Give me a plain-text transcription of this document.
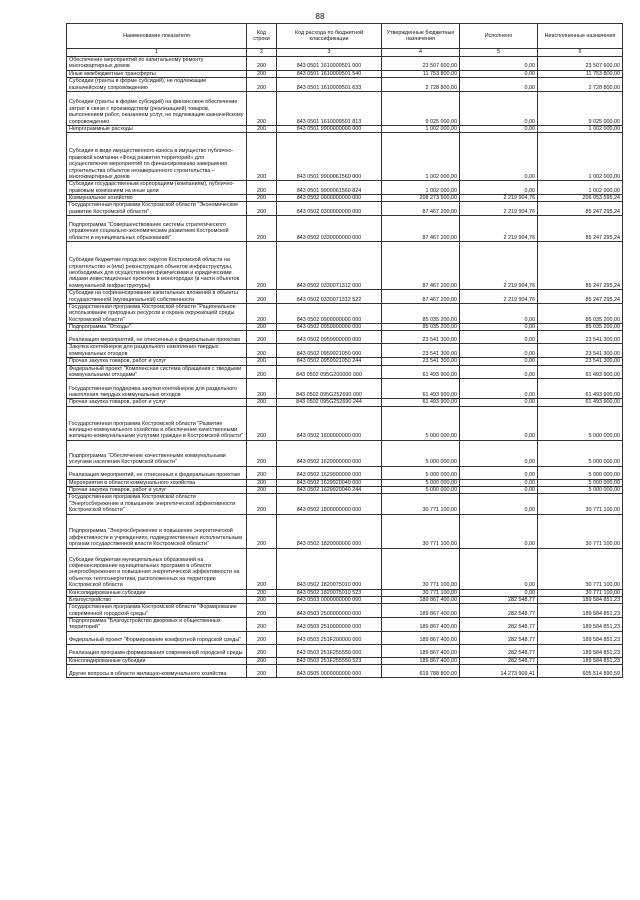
88
Наименование показателя	Код строки	Код расхода по бюджетной классификации	Утвержденные бюджетные назначения	Исполнено	Неисполненные назначения
1	2	3	4	5	6
Обеспечение мероприятий по капитальному ремонту многоквартирных домов	200	843 0501 1610009501 000	23 507 600,00	0,00	23 507 600,00
Иные межбюджетные трансферты	200	843 0501 1610009501 540	11 753 800,00	0,00	11 753 800,00
Субсидии (гранты в форме субсидий), не подлежащие казначейскому сопровождению	200	843 0501 1610009501 633	2 728 800,00	0,00	2 728 800,00
Субсидии (гранты в форме субсидий) на финансовое обеспечение затрат в связи с производством (реализацией) товаров, выполнением работ, оказанием услуг, не подлежащие казначейскому сопровождению	200	843 0501 1610009501 813	9 025 000,00	0,00	9 025 000,00
Непрограммные расходы	200	843 0501 9900000000 000	1 002 000,00	0,00	1 002 000,00
Субсидия в виде имущественного взноса в имущество публично-правовой компании «Фонд развития территорий» для осуществления мероприятий по финансированию завершения строительства объектов незавершенного строительства – многоквартирных домов	200	843 0501 9900061560 000	1 002 000,00	0,00	1 002 000,00
Субсидии государственным корпорациям (компаниям), публично-правовым компаниям на иные цели	200	843 0501 9900061560 824	1 002 000,00	0,00	1 002 000,00
Коммунальное хозяйство	200	843 0502 0000000000 000	208 273 500,00	2 219 904,76	206 053 595,24
Государственная программа Костромской области "Экономическое развитие Костромской области"	200	843 0502 0300000000 000	87 467 200,00	2 219 904,76	85 247 295,24
Подпрограмма "Совершенствование системы стратегического управления социально-экономическим развитием Костромской области и муниципальных образований"	200	843 0502 0330000000 000	87 467 200,00	2 219 904,76	85 247 295,24
Субсидии бюджетам городских округов Костромской области на строительство и (или) реконструкцию объектов инфраструктуры, необходимых для осуществления физическими и юридическими лицами инвестиционных проектов в моногородах (в части объектов коммунальной инфраструктуры)	200	843 0502 0330071312 000	87 467 200,00	2 219 904,76	85 247 295,24
Субсидии на софинансирование капитальных вложений в объекты государственной (муниципальной) собственности	200	843 0502 0330071312 522	87 467 200,00	2 219 904,76	85 247 295,24
Государственная программа Костромской области "Рациональное использование природных ресурсов и охрана окружающей среды Костромской области"	200	843 0502 0900000000 000	85 035 200,00	0,00	85 035 200,00
Подпрограмма "Отходы"	200	843 0502 0950000000 000	85 035 200,00	0,00	85 035 200,00
Реализация мероприятий, не отнесенных к федеральным проектам	200	843 0502 0959900000 000	23 541 300,00	0,00	23 541 300,00
Закупка контейнеров для раздельного накопления твердых коммунальных отходов	200	843 0502 0959921050 000	23 541 300,00	0,00	23 541 300,00
Прочая закупка товаров, работ и услуг	200	843 0502 0959921050 244	23 541 300,00	0,00	23 541 300,00
Федеральный проект "Комплексная система обращения с твердыми коммунальными отходами"	200	843 0502 095G200000 000	61 493 900,00	0,00	61 493 900,00
Государственная поддержка закупки контейнеров для раздельного накопления твердых коммунальных отходов	200	843 0502 095G252690 000	61 493 900,00	0,00	61 493 900,00
Прочая закупка товаров, работ и услуг	200	843 0502 095G252690 244	61 493 900,00	0,00	61 493 900,00
Государственная программа Костромской области "Развитие жилищно-коммунального хозяйства и обеспечение качественными жилищно-коммунальными услугами граждан в Костромской области"	200	843 0502 1600000000 000	5 000 000,00	0,00	5 000 000,00
Подпрограмма "Обеспечение качественными коммунальными услугами населения Костромской области"	200	843 0502 1620000000 000	5 000 000,00	0,00	5 000 000,00
Реализация мероприятий, не отнесенных к федеральным проектам	200	843 0502 1629900000 000	5 000 000,00	0,00	5 000 000,00
Мероприятия в области коммунального хозяйства	200	843 0502 1629920040 000	5 000 000,00	0,00	5 000 000,00
Прочая закупка товаров, работ и услуг	200	843 0502 1629920040 244	5 000 000,00	0,00	5 000 000,00
Государственная программа Костромской области "Энергосбережение и повышение энергетической эффективности Костромской области"	200	843 0502 1800000000 000	30 771 100,00	0,00	30 771 100,00
Подпрограмма "Энергосбережение и повышение энергетической эффективности в учреждениях, подведомственных исполнительным органам государственной власти Костромской области"	200	843 0502 1820000000 000	30 771 100,00	0,00	30 771 100,00
Субсидии бюджетам муниципальных образований на софинансирование муниципальных программ в области энергосбережения и повышения энергетической эффективности на объектах теплоэнергетики, расположенных на территории Костромской области	200	843 0502 1820075010 000	30 771 100,00	0,00	30 771 100,00
Консолидированные субсидии	200	843 0502 1820075010 523	30 771 100,00	0,00	30 771 100,00
Благоустройство	200	843 0503 0000000000 000	189 867 400,00	282 548,77	189 584 851,23
Государственная программа Костромской области "Формирование современной городской среды"	200	843 0503 2500000000 000	189 867 400,00	282 548,77	189 584 851,23
Подпрограмма "Благоустройство дворовых и общественных территорий"	200	843 0503 2510000000 000	189 867 400,00	282 548,77	189 584 851,23
Федеральный проект "Формирование комфортной городской среды"	200	843 0503 251F200000 000	189 867 400,00	282 548,77	189 584 851,23
Реализация программ формирования современной городской среды	200	843 0503 251F255550 000	189 867 400,00	282 548,77	189 584 851,23
Консолидированные субсидии	200	843 0503 251F255550 523	189 867 400,00	282 548,77	189 584 851,23
Другие вопросы в области жилищно-коммунального хозяйства	200	843 0505 0000000000 000	619 788 800,00	14 273 909,41	605 514 890,59
